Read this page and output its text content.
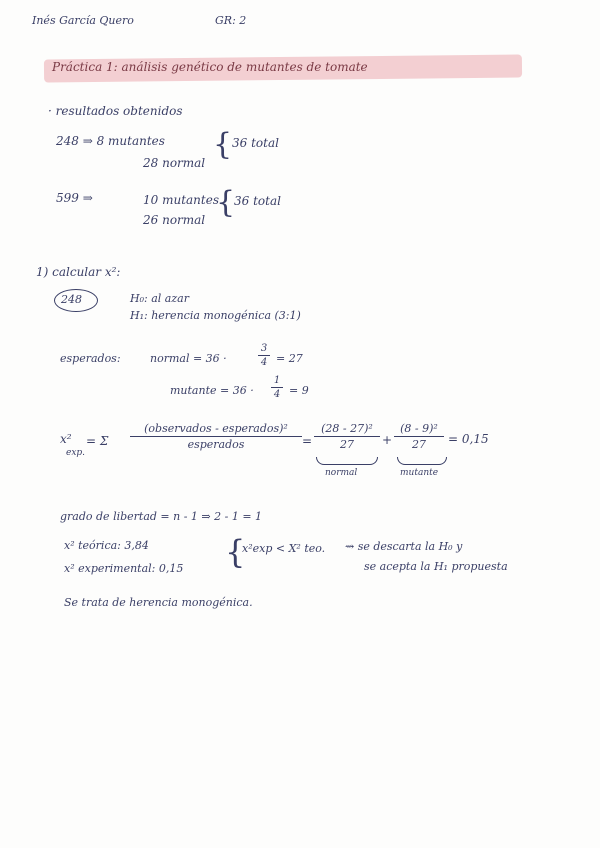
Inés García Quero	GR: 2
Práctica 1: análisis genético de mutantes de tomate
· resultados obtenidos
248 ⇒ 8 mutantes { 36 total
28 normal
599 ⇒	10 mutantes
{
36 total
26 normal
1) calcular x²:
248	H₀: al azar
H₁: herencia monogénica (3:1)
esperados:	normal = 36 ·
3
4 = 27
mutante = 36 ·
1
4 = 9
x²
exp.
= Σ
(observados - esperados)²
esperados	=
(28 - 27)²
27	+
(8 - 9)²
27	= 0,15
normal	mutante
grado de libertad = n - 1 ⇒ 2 - 1 = 1
x² teórica: 3,84
x² experimental: 0,15 {
x²exp < X² teo. ⇝ se descarta la H₀ y
se acepta la H₁ propuesta
Se trata de herencia monogénica.
